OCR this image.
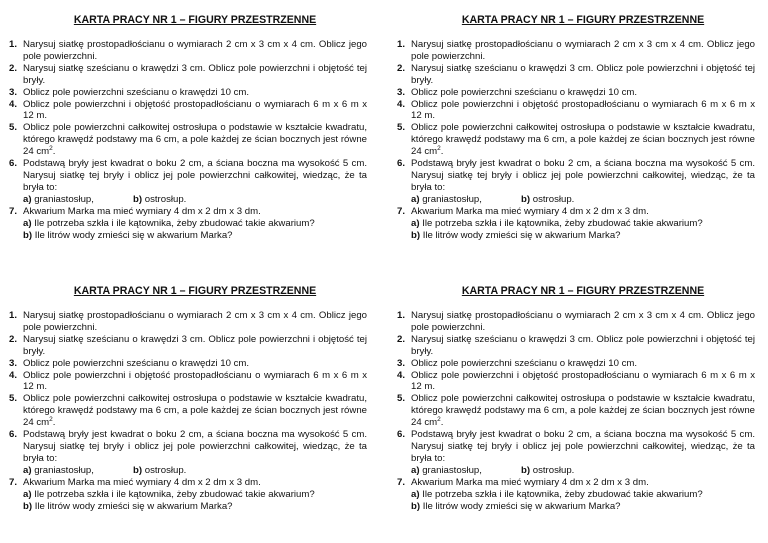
KARTA PRACY NR 1 – FIGURY PRZESTRZENNE
1. Narysuj siatkę prostopadłościanu o wymiarach 2 cm x 3 cm x 4 cm. Oblicz jego pole powierzchni.
2. Narysuj siatkę sześcianu o krawędzi 3 cm. Oblicz pole powierzchni i objętość tej bryły.
3. Oblicz pole powierzchni sześcianu o krawędzi 10 cm.
4. Oblicz pole powierzchni i objętość prostopadłościanu o wymiarach 6 m x 6 m x 12 m.
5. Oblicz pole powierzchni całkowitej ostrosłupa o podstawie w kształcie kwadratu, którego krawędź podstawy ma 6 cm, a pole każdej ze ścian bocznych jest równe 24 $cm^2$.
6. Podstawą bryły jest kwadrat o boku 2 cm, a ściana boczna ma wysokość 5 cm. Narysuj siatkę tej bryły i oblicz jej pole powierzchni całkowitej, wiedząc, że ta bryła to:
a) graniastosłup,	b) ostrosłup.
7. Akwarium Marka ma mieć wymiary 4 dm x 2 dm x 3 dm.
a) Ile potrzeba szkła i ile kątownika, żeby zbudować takie akwarium?
b) Ile litrów wody zmieści się w akwarium Marka?
KARTA PRACY NR 1 – FIGURY PRZESTRZENNE
1. Narysuj siatkę prostopadłościanu o wymiarach 2 cm x 3 cm x 4 cm. Oblicz jego pole powierzchni.
2. Narysuj siatkę sześcianu o krawędzi 3 cm. Oblicz pole powierzchni i objętość tej bryły.
3. Oblicz pole powierzchni sześcianu o krawędzi 10 cm.
4. Oblicz pole powierzchni i objętość prostopadłościanu o wymiarach 6 m x 6 m x 12 m.
5. Oblicz pole powierzchni całkowitej ostrosłupa o podstawie w kształcie kwadratu, którego krawędź podstawy ma 6 cm, a pole każdej ze ścian bocznych jest równe 24 $cm^2$.
6. Podstawą bryły jest kwadrat o boku 2 cm, a ściana boczna ma wysokość 5 cm. Narysuj siatkę tej bryły i oblicz jej pole powierzchni całkowitej, wiedząc, że ta bryła to:
a) graniastosłup,	b) ostrosłup.
7. Akwarium Marka ma mieć wymiary 4 dm x 2 dm x 3 dm.
a) Ile potrzeba szkła i ile kątownika, żeby zbudować takie akwarium?
b) Ile litrów wody zmieści się w akwarium Marka?
KARTA PRACY NR 1 – FIGURY PRZESTRZENNE
1. Narysuj siatkę prostopadłościanu o wymiarach 2 cm x 3 cm x 4 cm. Oblicz jego pole powierzchni.
2. Narysuj siatkę sześcianu o krawędzi 3 cm. Oblicz pole powierzchni i objętość tej bryły.
3. Oblicz pole powierzchni sześcianu o krawędzi 10 cm.
4. Oblicz pole powierzchni i objętość prostopadłościanu o wymiarach 6 m x 6 m x 12 m.
5. Oblicz pole powierzchni całkowitej ostrosłupa o podstawie w kształcie kwadratu, którego krawędź podstawy ma 6 cm, a pole każdej ze ścian bocznych jest równe 24 $cm^2$.
6. Podstawą bryły jest kwadrat o boku 2 cm, a ściana boczna ma wysokość 5 cm. Narysuj siatkę tej bryły i oblicz jej pole powierzchni całkowitej, wiedząc, że ta bryła to:
a) graniastosłup,	b) ostrosłup.
7. Akwarium Marka ma mieć wymiary 4 dm x 2 dm x 3 dm.
a) Ile potrzeba szkła i ile kątownika, żeby zbudować takie akwarium?
b) Ile litrów wody zmieści się w akwarium Marka?
KARTA PRACY NR 1 – FIGURY PRZESTRZENNE
1. Narysuj siatkę prostopadłościanu o wymiarach 2 cm x 3 cm x 4 cm. Oblicz jego pole powierzchni.
2. Narysuj siatkę sześcianu o krawędzi 3 cm. Oblicz pole powierzchni i objętość tej bryły.
3. Oblicz pole powierzchni sześcianu o krawędzi 10 cm.
4. Oblicz pole powierzchni i objętość prostopadłościanu o wymiarach 6 m x 6 m x 12 m.
5. Oblicz pole powierzchni całkowitej ostrosłupa o podstawie w kształcie kwadratu, którego krawędź podstawy ma 6 cm, a pole każdej ze ścian bocznych jest równe 24 $cm^2$.
6. Podstawą bryły jest kwadrat o boku 2 cm, a ściana boczna ma wysokość 5 cm. Narysuj siatkę tej bryły i oblicz jej pole powierzchni całkowitej, wiedząc, że ta bryła to:
a) graniastosłup,	b) ostrosłup.
7. Akwarium Marka ma mieć wymiary 4 dm x 2 dm x 3 dm.
a) Ile potrzeba szkła i ile kątownika, żeby zbudować takie akwarium?
b) Ile litrów wody zmieści się w akwarium Marka?
